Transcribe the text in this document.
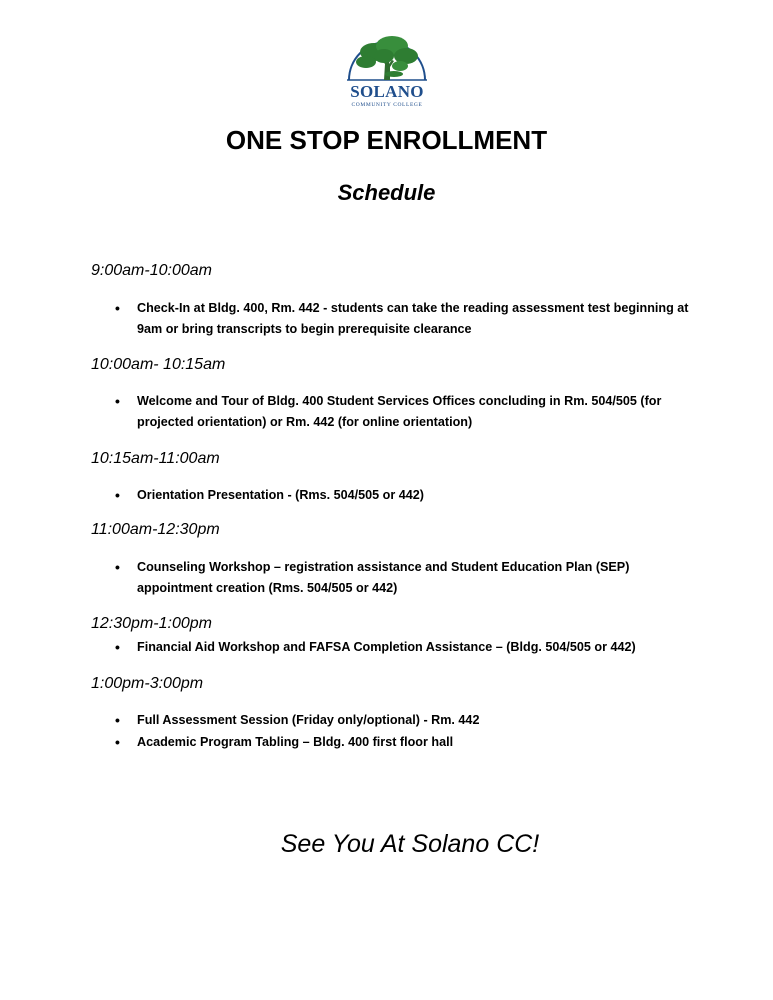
SOLANO
COMMUNITY COLLEGE
ONE STOP ENROLLMENT
Schedule
9:00am-10:00am
• Check-In at Bldg. 400, Rm. 442 - students can take the reading assessment test beginning at 9am or bring transcripts to begin prerequisite clearance
10:00am- 10:15am
• Welcome and Tour of Bldg. 400 Student Services Offices concluding in Rm. 504/505 (for projected orientation) or Rm. 442 (for online orientation)
10:15am-11:00am
• Orientation Presentation - (Rms. 504/505 or 442)
11:00am-12:30pm
• Counseling Workshop – registration assistance and Student Education Plan (SEP) appointment creation (Rms. 504/505 or 442)
12:30pm-1:00pm
• Financial Aid Workshop and FAFSA Completion Assistance – (Bldg. 504/505 or 442)
1:00pm-3:00pm
• Full Assessment Session (Friday only/optional) - Rm. 442
• Academic Program Tabling – Bldg. 400 first floor hall

See You At Solano CC!
